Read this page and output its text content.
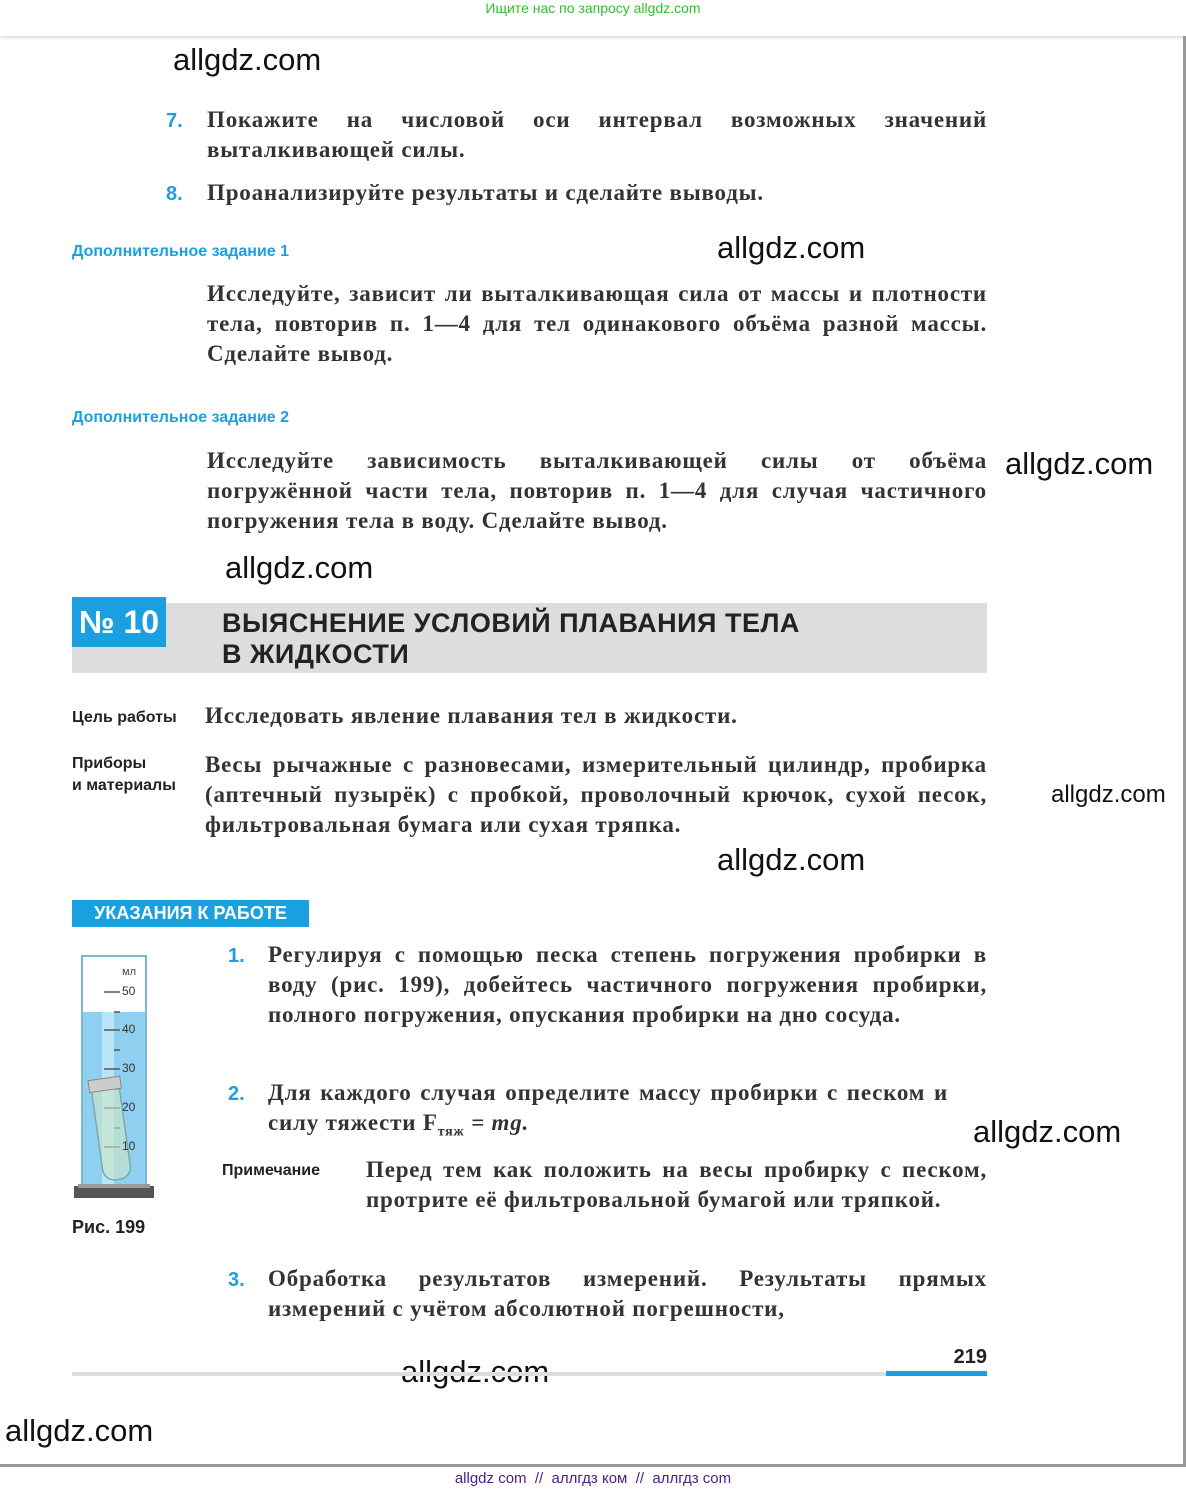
Ищите нас по запросу allgdz.com
allgdz.com
allgdz.com
allgdz.com
allgdz.com
allgdz.com
allgdz.com
allgdz.com
allgdz.com
7. Покажите на числовой оси интервал возможных значений выталкивающей силы.
8. Проанализируйте результаты и сделайте выводы.
Дополнительное задание 1
Исследуйте, зависит ли выталкивающая сила от массы и плотности тела, повторив п. 1—4 для тел одинакового объёма разной массы. Сделайте вывод.
Дополнительное задание 2
Исследуйте зависимость выталкивающей силы от объёма погружённой части тела, повторив п. 1—4 для случая частичного погружения тела в воду. Сделайте вывод.
№ 10 ВЫЯСНЕНИЕ УСЛОВИЙ ПЛАВАНИЯ ТЕЛА
В ЖИДКОСТИ
Цель работы Исследовать явление плавания тел в жидкости.
Приборы
и материалы
Весы рычажные с разновесами, измерительный цилиндр, пробирка (аптечный пузырёк) с пробкой, проволочный крючок, сухой песок, фильтровальная бумага или сухая тряпка.
УКАЗАНИЯ К РАБОТЕ
мл
50
40
30
20
10
Рис. 199
1. Регулируя с помощью песка степень погружения пробирки в воду (рис. 199), добейтесь частичного погружения пробирки, полного погружения, опускания пробирки на дно сосуда.
2. Для каждого случая определите массу пробирки с песком и силу тяжести $F_{тяж}$ = mg.
Примечание Перед тем как положить на весы пробирку с песком, протрите её фильтровальной бумагой или тряпкой.
3. Обработка результатов измерений. Результаты прямых измерений с учётом абсолютной погрешности,
219
allgdz com  //  аллгдз ком  //  аллгдз com
